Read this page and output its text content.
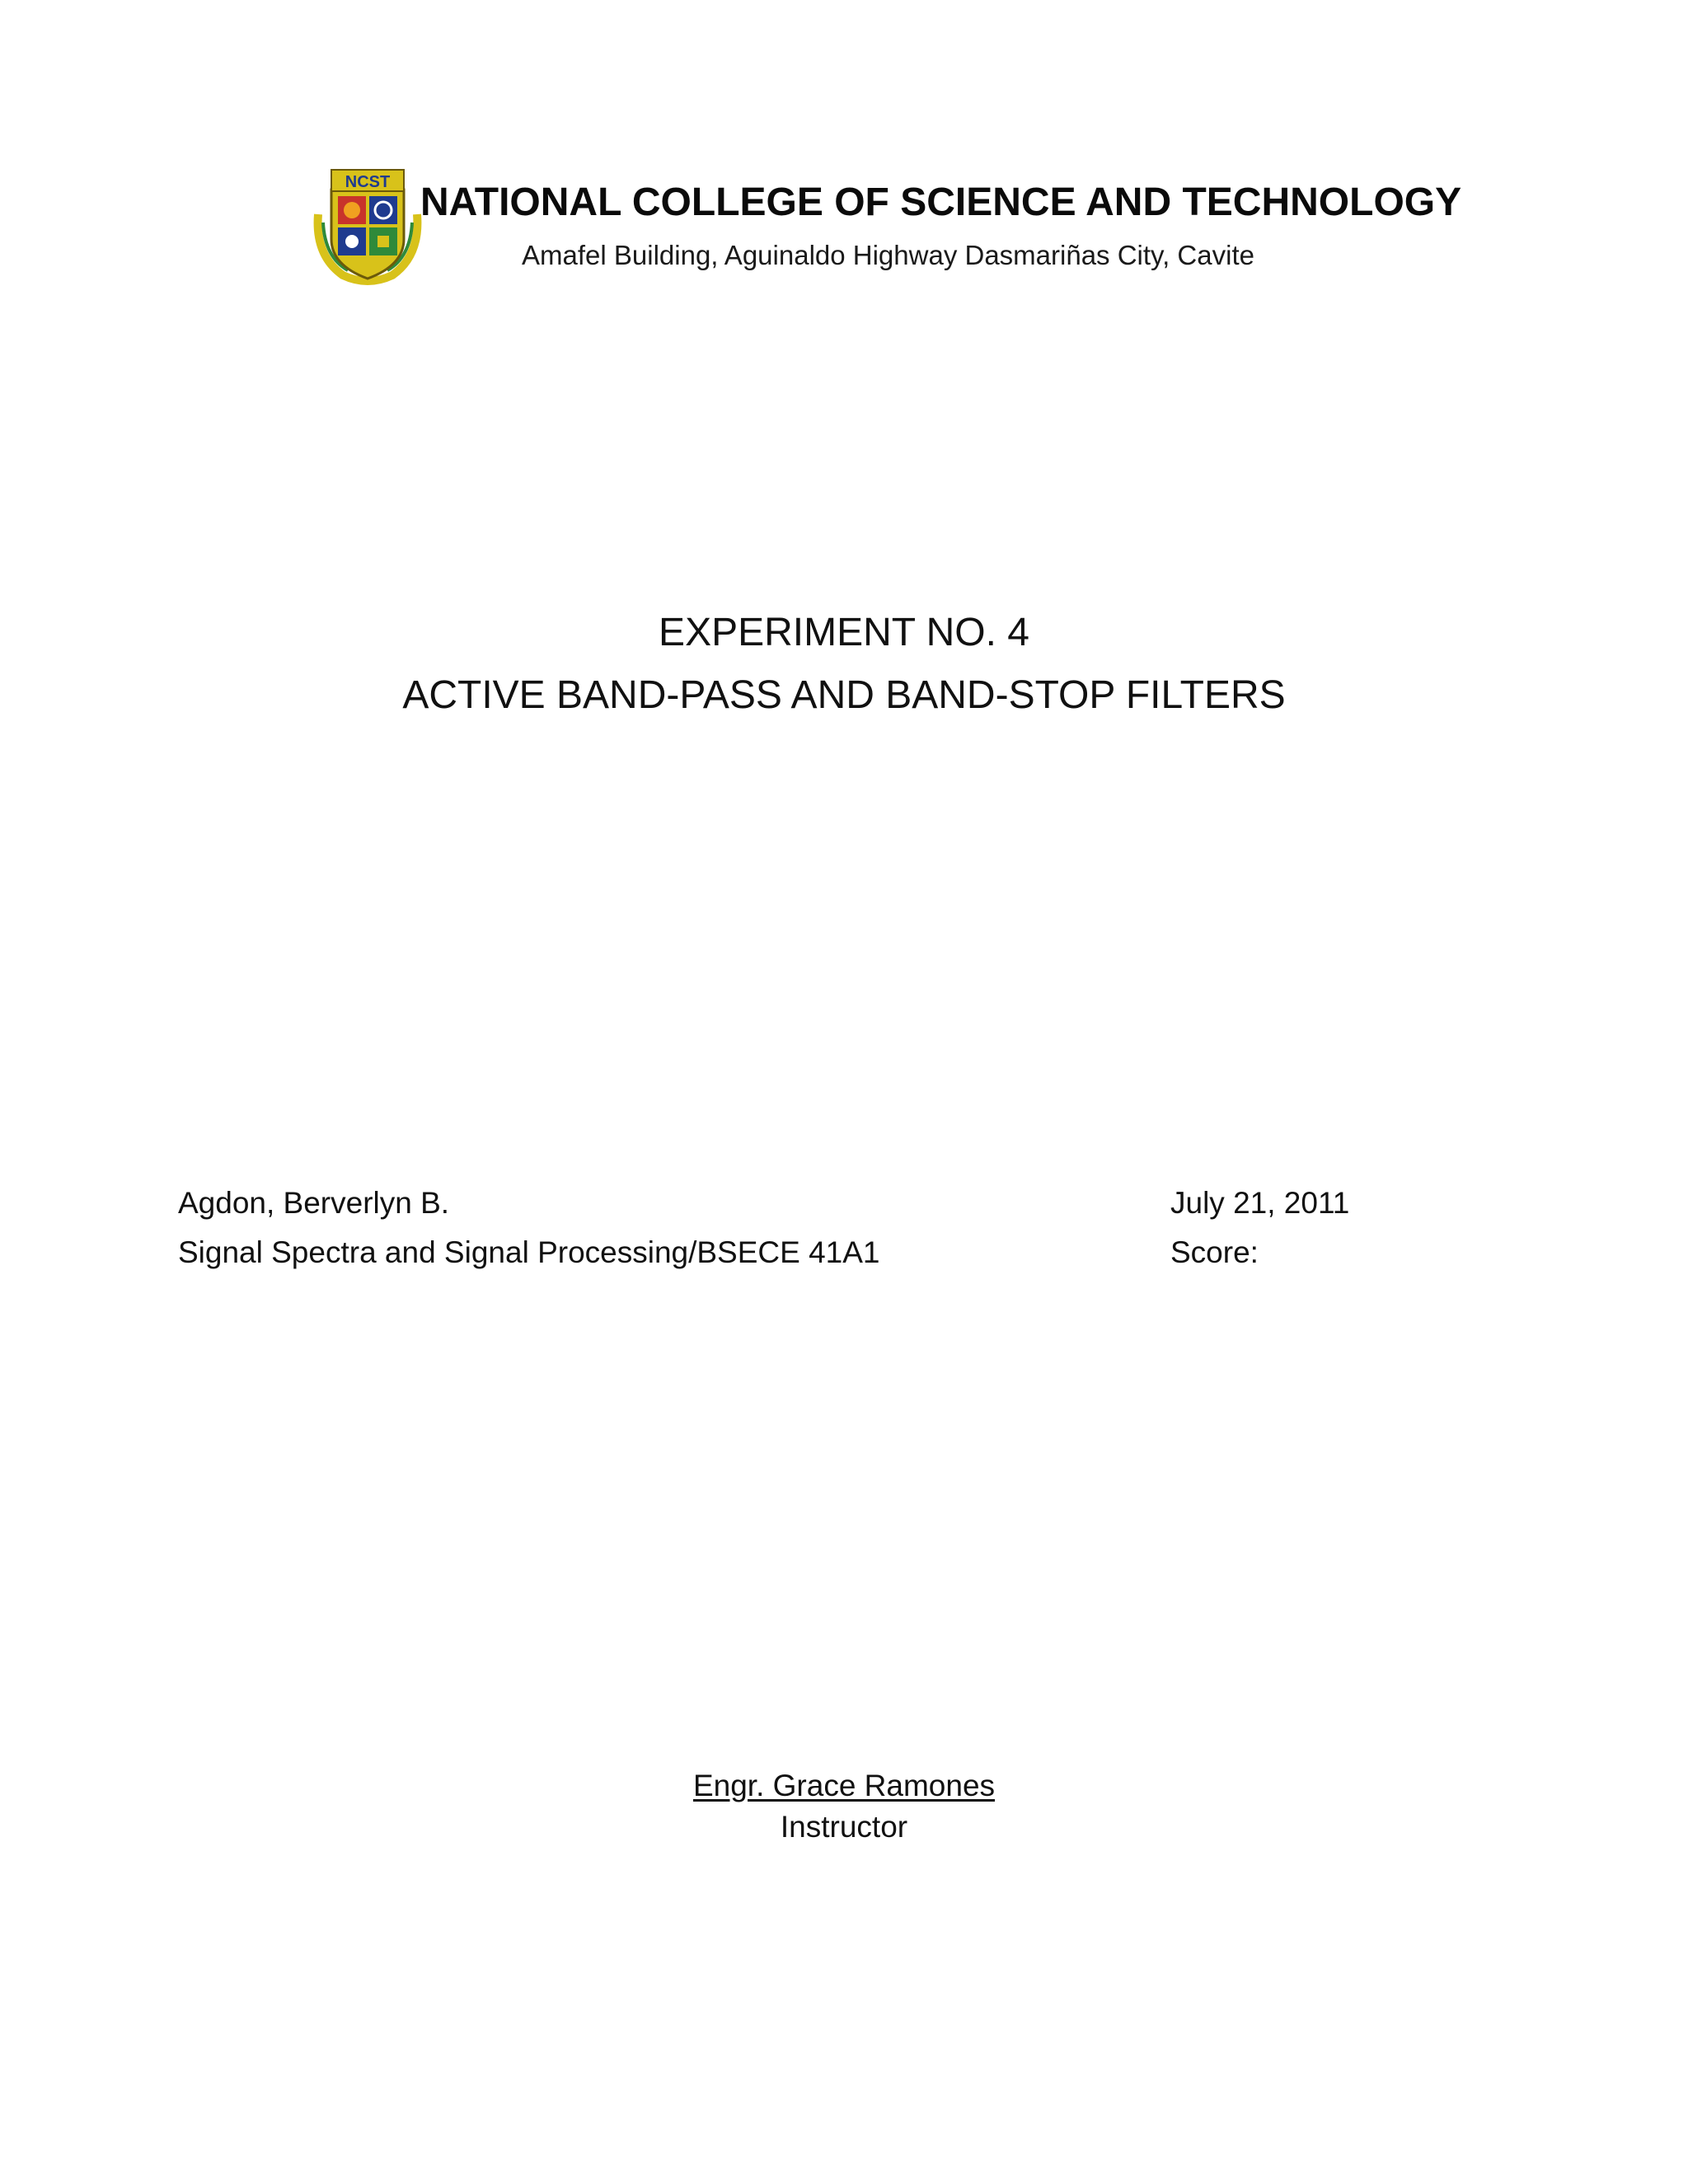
NCST NATIONAL COLLEGE OF SCIENCE AND TECHNOLOGY
Amafel Building, Aguinaldo Highway Dasmariñas City, Cavite
EXPERIMENT NO. 4
ACTIVE BAND-PASS AND BAND-STOP FILTERS
Agdon, Berverlyn B.
Signal Spectra and Signal Processing/BSECE 41A1
July 21, 2011
Score:
Engr. Grace Ramones
Instructor
